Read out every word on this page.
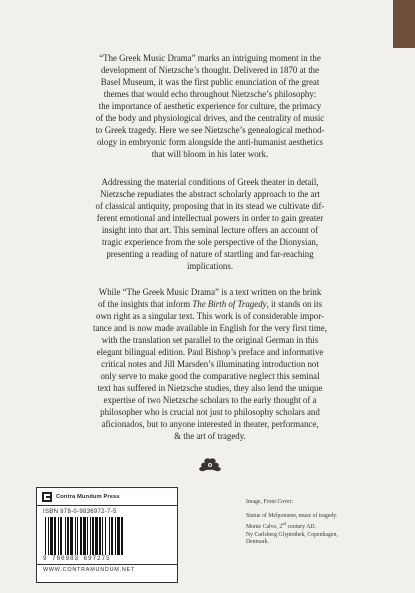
“The Greek Music Drama” marks an intriguing moment in the
development of Nietzsche’s thought. Delivered in 1870 at the
Basel Museum, it was the first public enunciation of the great
themes that would echo throughout Nietzsche’s philosophy:
the importance of aesthetic experience for culture, the primacy
of the body and physiological drives, and the centrality of music
to Greek tragedy. Here we see Nietzsche’s genealogical method-
ology in embryonic form alongside the anti-humanist aesthetics
that will bloom in his later work.

Addressing the material conditions of Greek theater in detail,
Nietzsche repudiates the abstract scholarly approach to the art
of classical antiquity, proposing that in its stead we cultivate dif-
ferent emotional and intellectual powers in order to gain greater
insight into that art. This seminal lecture offers an account of
tragic experience from the sole perspective of the Dionysian,
presenting a reading of nature of startling and far-reaching
implications.

While “The Greek Music Drama” is a text written on the brink
of the insights that inform The Birth of Tragedy, it stands on its
own right as a singular text. This work is of considerable impor-
tance and is now made available in English for the very first time,
with the translation set parallel to the original German in this
elegant bilingual edition. Paul Bishop’s preface and informative
critical notes and Jill Marsden’s illuminating introduction not
only serve to make good the comparative neglect this seminal
text has suffered in Nietzsche studies, they also lend the unique
expertise of two Nietzsche scholars to the early thought of a
philosopher who is crucial not just to philosophy scholars and
aficionados, but to anyone interested in theater, performance,
& the art of tragedy.

Contra Mundum Press
ISBN 978-0-9836972-7-5
9 780983 697275
WWW.CONTRAMUNDUM.NET
Image, Front Cover:
Statue of Melpomene, muse of tragedy.
Monte Calvo, 2nd century AD.
Ny Carlsberg Glyptothek, Copenhagen,
Denmark.
